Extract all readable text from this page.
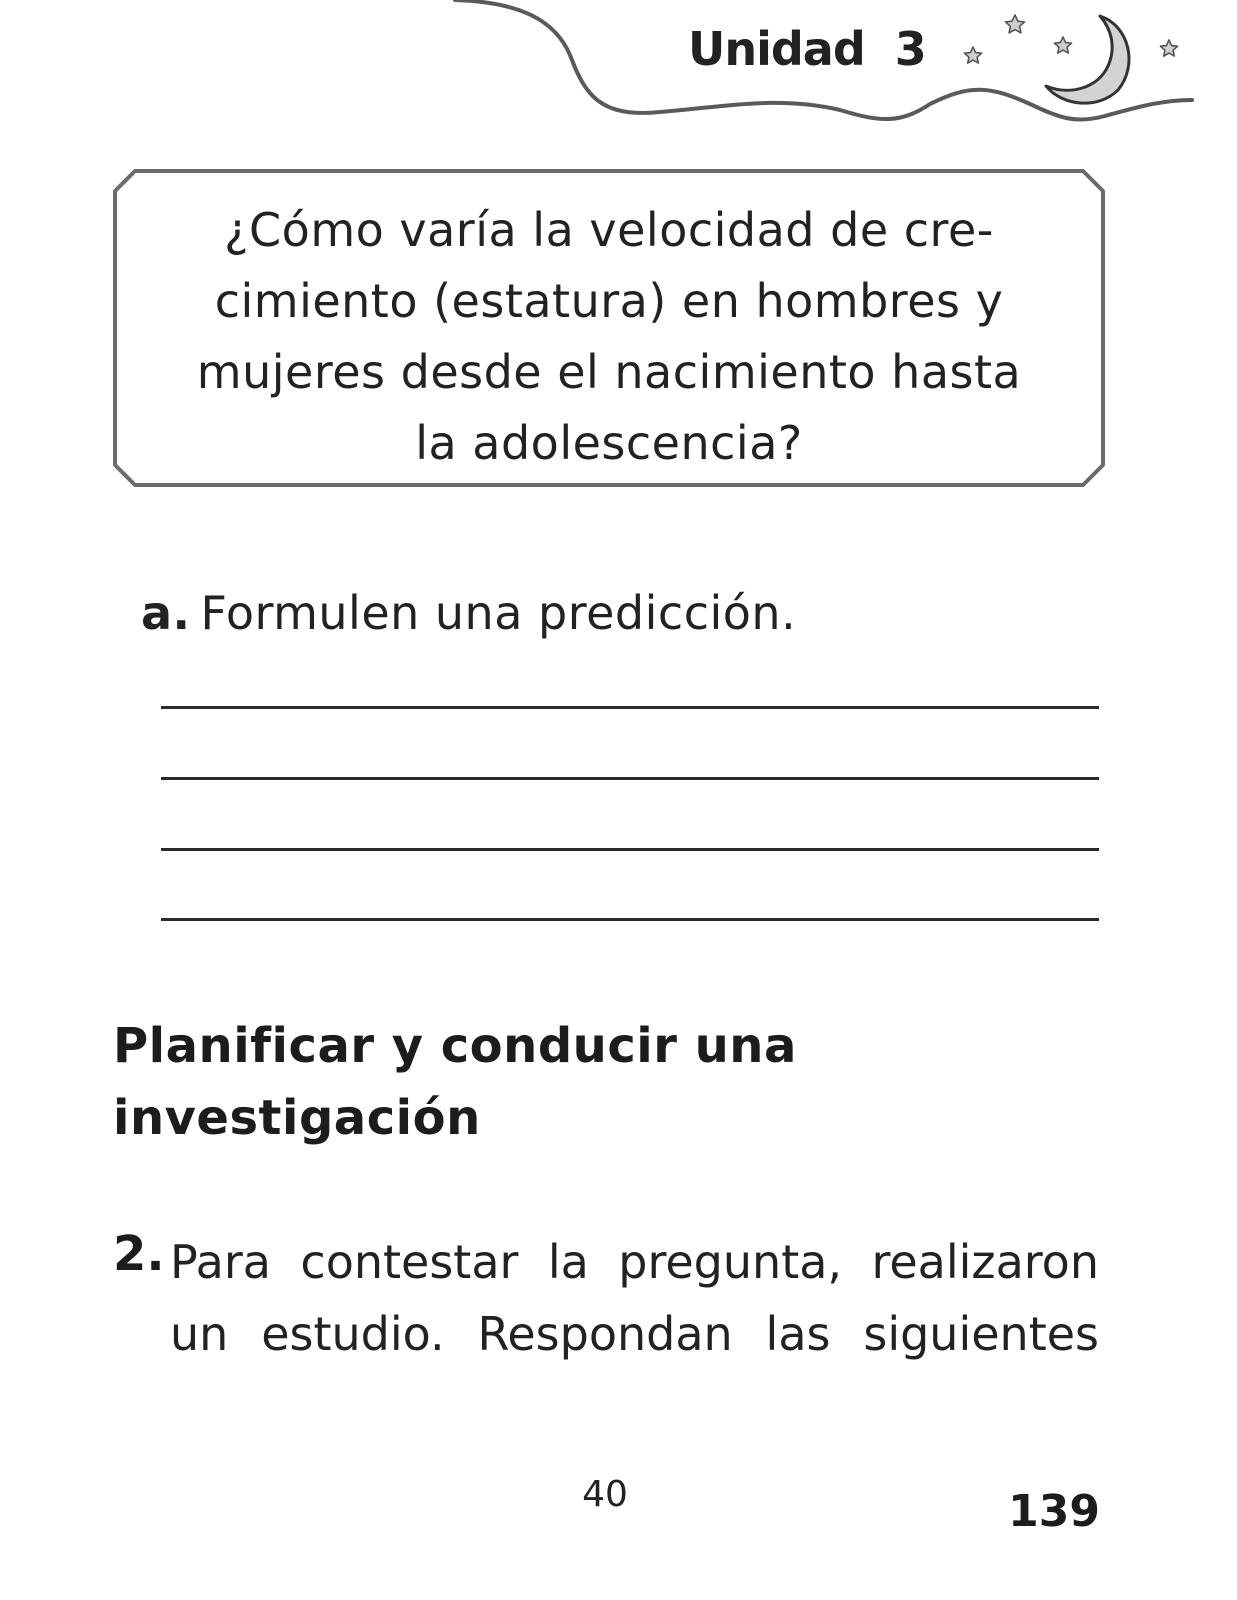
Unidad 3
¿Cómo varía la velocidad de cre-
cimiento (estatura) en hombres y
mujeres desde el nacimiento hasta
la adolescencia?
a. Formulen una predicción.
Planificar y conducir una
investigación
2. Para contestar la pregunta, realizaron
un estudio. Respondan las siguientes
40	139
